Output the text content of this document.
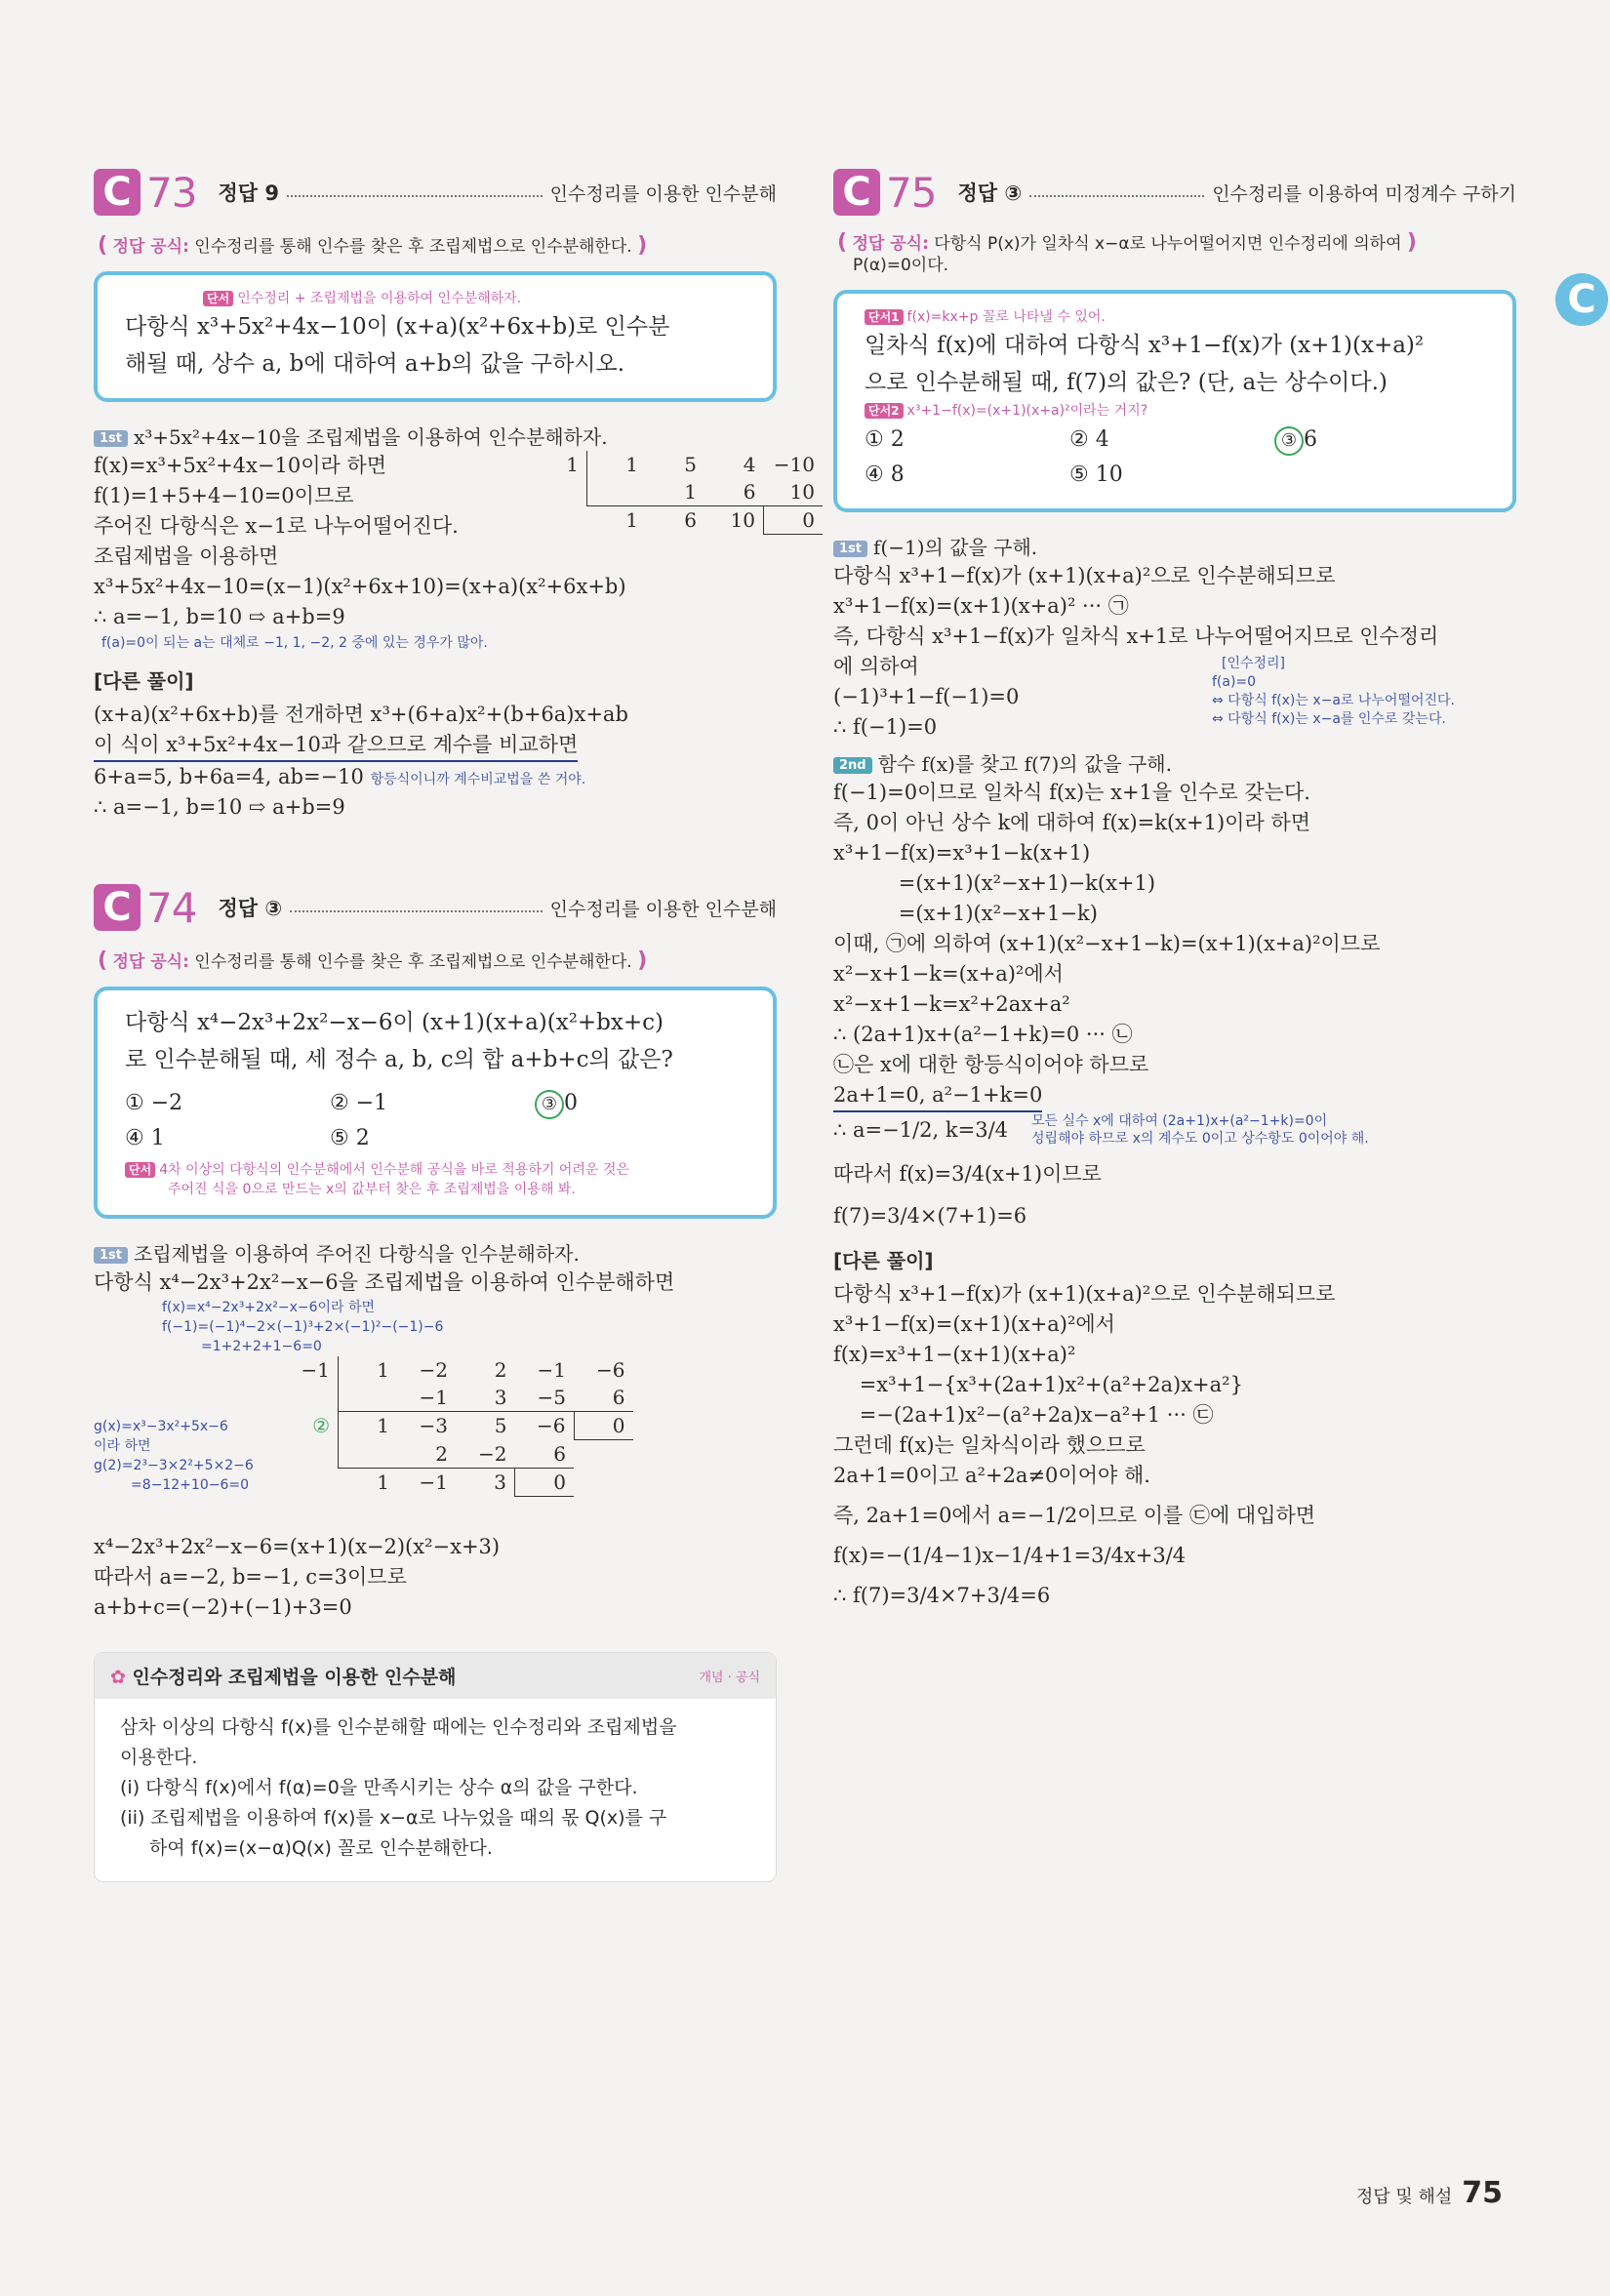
C 73 정답 9	인수정리를 이용한 인수분해
( 정답 공식: 인수정리를 통해 인수를 찾은 후 조립제법으로 인수분해한다. )
단서 인수정리 + 조립제법을 이용하여 인수분해하자.
다항식 x³+5x²+4x−10이 (x+a)(x²+6x+b)로 인수분
해될 때, 상수 a, b에 대하여 a+b의 값을 구하시오.
1st x³+5x²+4x−10을 조립제법을 이용하여 인수분해하자.
1	1	5	4	−10
		1	6	10
	1	6	10	0
f(x)=x³+5x²+4x−10이라 하면
f(1)=1+5+4−10=0이므로
주어진 다항식은 x−1로 나누어떨어진다.
조립제법을 이용하면
x³+5x²+4x−10=(x−1)(x²+6x+10)=(x+a)(x²+6x+b)
∴ a=−1, b=10 ⇨ a+b=9
f(a)=0이 되는 a는 대체로 −1, 1, −2, 2 중에 있는 경우가 많아.
[다른 풀이]
(x+a)(x²+6x+b)를 전개하면 x³+(6+a)x²+(b+6a)x+ab
이 식이 x³+5x²+4x−10과 같으므로 계수를 비교하면
6+a=5, b+6a=4, ab=−10 항등식이니까 계수비교법을 쓴 거야.
∴ a=−1, b=10 ⇨ a+b=9
C 74 정답 ③	인수정리를 이용한 인수분해
( 정답 공식: 인수정리를 통해 인수를 찾은 후 조립제법으로 인수분해한다. )
다항식 x⁴−2x³+2x²−x−6이 (x+1)(x+a)(x²+bx+c)
로 인수분해될 때, 세 정수 a, b, c의 합 a+b+c의 값은?
① −2	② −1	③ 0
④ 1	⑤ 2
단서 4차 이상의 다항식의 인수분해에서 인수분해 공식을 바로 적용하기 어려운 것은
주어진 식을 0으로 만드는 x의 값부터 찾은 후 조립제법을 이용해 봐.
1st 조립제법을 이용하여 주어진 다항식을 인수분해하자.
다항식 x⁴−2x³+2x²−x−6을 조립제법을 이용하여 인수분해하면
f(x)=x⁴−2x³+2x²−x−6이라 하면
f(−1)=(−1)⁴−2×(−1)³+2×(−1)²−(−1)−6
=1+2+2+1−6=0
g(x)=x³−3x²+5x−6
이라 하면
g(2)=2³−3×2²+5×2−6
=8−12+10−6=0
−1	1	−2	2	−1	−6
		−1	3	−5	6
②	1	−3	5	−6	0
		2	−2	6	
	1	−1	3	0	
x⁴−2x³+2x²−x−6=(x+1)(x−2)(x²−x+3)
따라서 a=−2, b=−1, c=3이므로
a+b+c=(−2)+(−1)+3=0
✿ 인수정리와 조립제법을 이용한 인수분해	개념 · 공식
삼차 이상의 다항식 f(x)를 인수분해할 때에는 인수정리와 조립제법을
이용한다.
(i) 다항식 f(x)에서 f(α)=0을 만족시키는 상수 α의 값을 구한다.
(ii) 조립제법을 이용하여 f(x)를 x−α로 나누었을 때의 몫 Q(x)를 구
하여 f(x)=(x−α)Q(x) 꼴로 인수분해한다.
C 75 정답 ③	인수정리를 이용하여 미정계수 구하기
( 정답 공식: 다항식 P(x)가 일차식 x−α로 나누어떨어지면 인수정리에 의하여 )
P(α)=0이다.
단서1 f(x)=kx+p 꼴로 나타낼 수 있어.
일차식 f(x)에 대하여 다항식 x³+1−f(x)가 (x+1)(x+a)²
으로 인수분해될 때, f(7)의 값은? (단, a는 상수이다.)
단서2 x³+1−f(x)=(x+1)(x+a)²이라는 거지?
① 2	② 4	③ 6
④ 8	⑤ 10
1st f(−1)의 값을 구해.
다항식 x³+1−f(x)가 (x+1)(x+a)²으로 인수분해되므로
x³+1−f(x)=(x+1)(x+a)² ··· ㉠
즉, 다항식 x³+1−f(x)가 일차식 x+1로 나누어떨어지므로 인수정리
에 의하여
(−1)³+1−f(−1)=0
∴ f(−1)=0
[인수정리]
f(a)=0
⇔ 다항식 f(x)는 x−a로 나누어떨어진다.
⇔ 다항식 f(x)는 x−a를 인수로 갖는다.
2nd 함수 f(x)를 찾고 f(7)의 값을 구해.
f(−1)=0이므로 일차식 f(x)는 x+1을 인수로 갖는다.
즉, 0이 아닌 상수 k에 대하여 f(x)=k(x+1)이라 하면
x³+1−f(x)=x³+1−k(x+1)
=(x+1)(x²−x+1)−k(x+1)
=(x+1)(x²−x+1−k)
이때, ㉠에 의하여 (x+1)(x²−x+1−k)=(x+1)(x+a)²이므로
x²−x+1−k=(x+a)²에서
x²−x+1−k=x²+2ax+a²
∴ (2a+1)x+(a²−1+k)=0 ··· ㉡
㉡은 x에 대한 항등식이어야 하므로
2a+1=0, a²−1+k=0
∴ a=−1/2, k=3/4 모든 실수 x에 대하여 (2a+1)x+(a²−1+k)=0이
성립해야 하므로 x의 계수도 0이고 상수항도 0이어야 해.
따라서 f(x)=3/4(x+1)이므로
f(7)=3/4×(7+1)=6
[다른 풀이]
다항식 x³+1−f(x)가 (x+1)(x+a)²으로 인수분해되므로
x³+1−f(x)=(x+1)(x+a)²에서
f(x)=x³+1−(x+1)(x+a)²
=x³+1−{x³+(2a+1)x²+(a²+2a)x+a²}
=−(2a+1)x²−(a²+2a)x−a²+1 ··· ㉢
그런데 f(x)는 일차식이라 했으므로
2a+1=0이고 a²+2a≠0이어야 해.
즉, 2a+1=0에서 a=−1/2이므로 이를 ㉢에 대입하면
f(x)=−(1/4−1)x−1/4+1=3/4x+3/4
∴ f(7)=3/4×7+3/4=6
C
정답 및 해설 75
